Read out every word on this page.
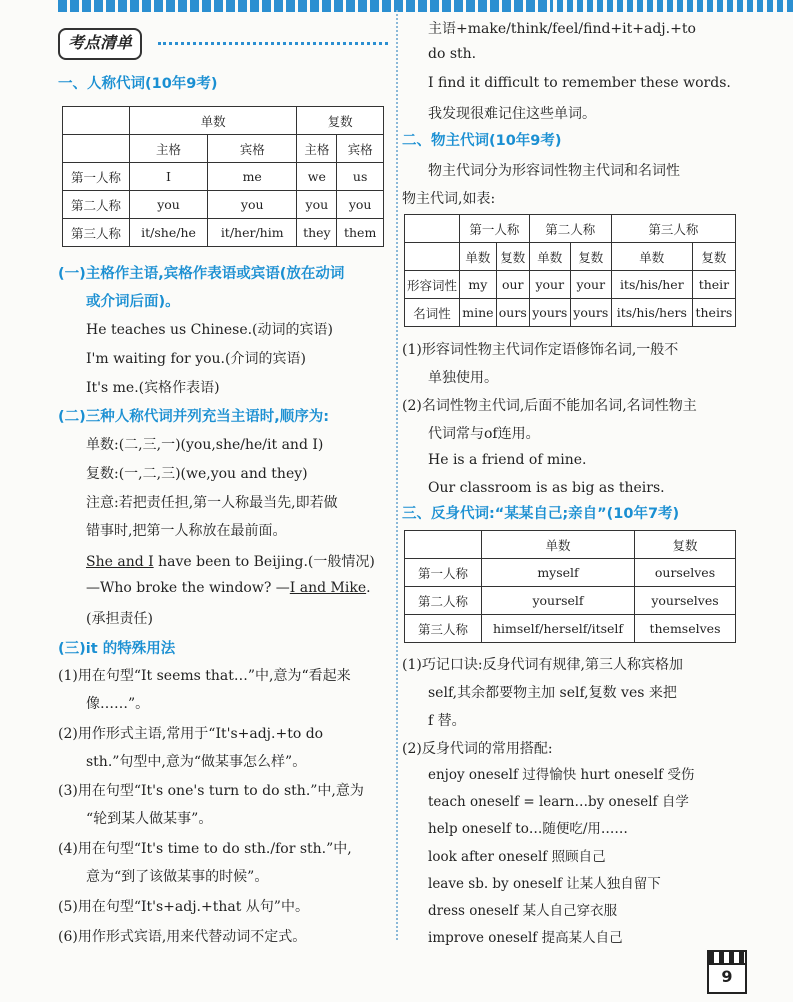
考点清单
一、人称代词(10年9考)
	单数		复数	
	主格	宾格	主格	宾格
第一人称	I	me	we	us
第二人称	you	you	you	you
第三人称	it/she/he	it/her/him	they	them
(一)主格作主语,宾格作表语或宾语(放在动词
或介词后面)。
He teaches us Chinese.(动词的宾语)
I'm waiting for you.(介词的宾语)
It's me.(宾格作表语)
(二)三种人称代词并列充当主语时,顺序为:
单数:(二,三,一)(you,she/he/it and I)
复数:(一,二,三)(we,you and they)
注意:若把责任担,第一人称最当先,即若做
错事时,把第一人称放在最前面。
She and I have been to Beijing.(一般情况)
—Who broke the window? —I and Mike.
(承担责任)
(三)it 的特殊用法
(1)用在句型“It seems that…”中,意为“看起来
像……”。
(2)用作形式主语,常用于“It's+adj.+to do
sth.”句型中,意为“做某事怎么样”。
(3)用在句型“It's one's turn to do sth.”中,意为
“轮到某人做某事”。
(4)用在句型“It's time to do sth./for sth.”中,
意为“到了该做某事的时候”。
(5)用在句型“It's+adj.+that 从句”中。
(6)用作形式宾语,用来代替动词不定式。
主语+make/think/feel/find+it+adj.+to
do sth.
I find it difficult to remember these words.
我发现很难记住这些单词。
二、物主代词(10年9考)
物主代词分为形容词性物主代词和名词性
物主代词,如表:
	第一人称		第二人称		第三人称	
	单数	复数	单数	复数	单数	复数
形容词性	my	our	your	your	its/his/her	their
名词性	mine	ours	yours	yours	its/his/hers	theirs
(1)形容词性物主代词作定语修饰名词,一般不
单独使用。
(2)名词性物主代词,后面不能加名词,名词性物主
代词常与of连用。
He is a friend of mine.
Our classroom is as big as theirs.
三、反身代词:“某某自己;亲自”(10年7考)
	单数	复数
第一人称	myself	ourselves
第二人称	yourself	yourselves
第三人称	himself/herself/itself	themselves
(1)巧记口诀:反身代词有规律,第三人称宾格加
self,其余都要物主加 self,复数 ves 来把
f 替。
(2)反身代词的常用搭配:
enjoy oneself 过得愉快 hurt oneself 受伤
teach oneself = learn…by oneself 自学
help oneself to…随便吃/用……
look after oneself 照顾自己
leave sb. by oneself 让某人独自留下
dress oneself 某人自己穿衣服
improve oneself 提高某人自己
9
